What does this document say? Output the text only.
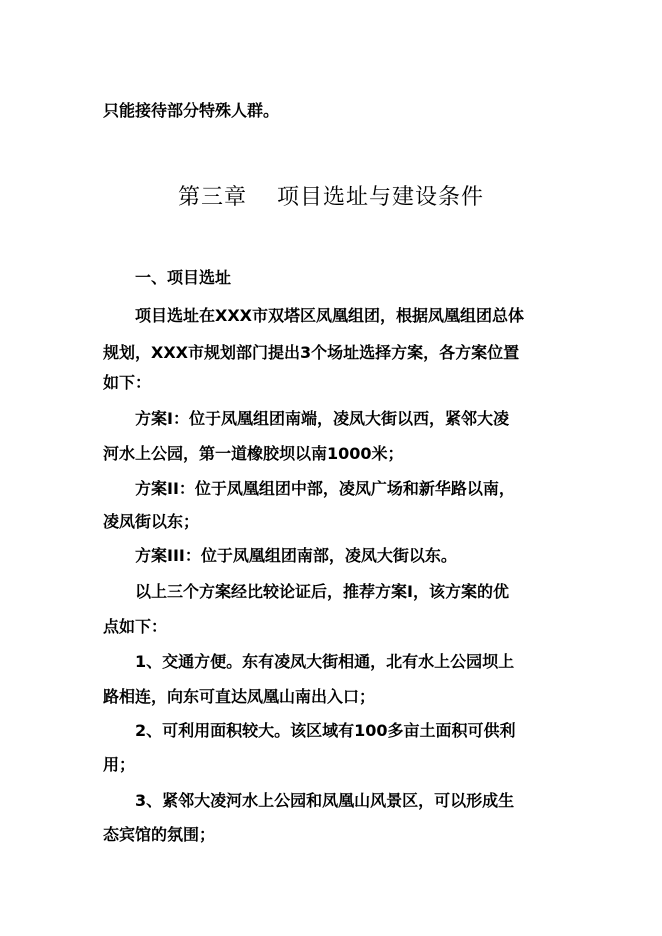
只能接待部分特殊人群。
第三章 项目选址与建设条件
一、项目选址
项目选址在XXX市双塔区凤凰组团，根据凤凰组团总体
规划，XXX市规划部门提出3个场址选择方案，各方案位置
如下：
方案I：位于凤凰组团南端，凌凤大街以西，紧邻大凌
河水上公园，第一道橡胶坝以南1000米；
方案II：位于凤凰组团中部，凌凤广场和新华路以南，
凌凤街以东；
方案III：位于凤凰组团南部，凌凤大街以东。
以上三个方案经比较论证后，推荐方案I，该方案的优
点如下：
1、交通方便。东有凌凤大街相通，北有水上公园坝上
路相连，向东可直达凤凰山南出入口；
2、可利用面积较大。该区域有100多亩土面积可供利
用；
3、紧邻大凌河水上公园和凤凰山风景区，可以形成生
态宾馆的氛围；
